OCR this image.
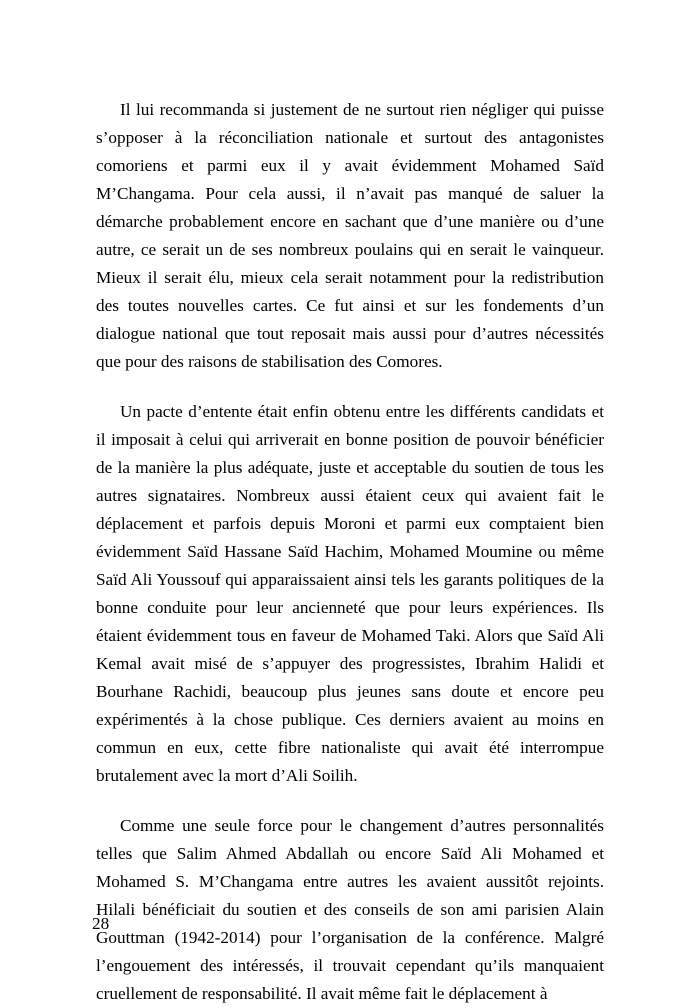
Il lui recommanda si justement de ne surtout rien négliger qui puisse s’opposer à la réconciliation nationale et surtout des antagonistes comoriens et parmi eux il y avait évidemment Mohamed Saïd M’Changama. Pour cela aussi, il n’avait pas manqué de saluer la démarche probablement encore en sachant que d’une manière ou d’une autre, ce serait un de ses nombreux poulains qui en serait le vainqueur. Mieux il serait élu, mieux cela serait notamment pour la redistribution des toutes nouvelles cartes. Ce fut ainsi et sur les fondements d’un dialogue national que tout reposait mais aussi pour d’autres nécessités que pour des raisons de stabilisation des Comores.

Un pacte d’entente était enfin obtenu entre les différents candidats et il imposait à celui qui arriverait en bonne position de pouvoir bénéficier de la manière la plus adéquate, juste et acceptable du soutien de tous les autres signataires. Nombreux aussi étaient ceux qui avaient fait le déplacement et parfois depuis Moroni et parmi eux comptaient bien évidemment Saïd Hassane Saïd Hachim, Mohamed Moumine ou même Saïd Ali Youssouf qui apparaissaient ainsi tels les garants politiques de la bonne conduite pour leur ancienneté que pour leurs expériences. Ils étaient évidemment tous en faveur de Mohamed Taki. Alors que Saïd Ali Kemal avait misé de s’appuyer des progressistes, Ibrahim Halidi et Bourhane Rachidi, beaucoup plus jeunes sans doute et encore peu expérimentés à la chose publique. Ces derniers avaient au moins en commun en eux, cette fibre nationaliste qui avait été interrompue brutalement avec la mort d’Ali Soilih.

Comme une seule force pour le changement d’autres personnalités telles que Salim Ahmed Abdallah ou encore Saïd Ali Mohamed et Mohamed S. M’Changama entre autres les avaient aussitôt rejoints. Hilali bénéficiait du soutien et des conseils de son ami parisien Alain Gouttman (1942-2014) pour l’organisation de la conférence. Malgré l’engouement des intéressés, il trouvait cependant qu’ils manquaient cruellement de responsabilité. Il avait même fait le déplacement à

28
